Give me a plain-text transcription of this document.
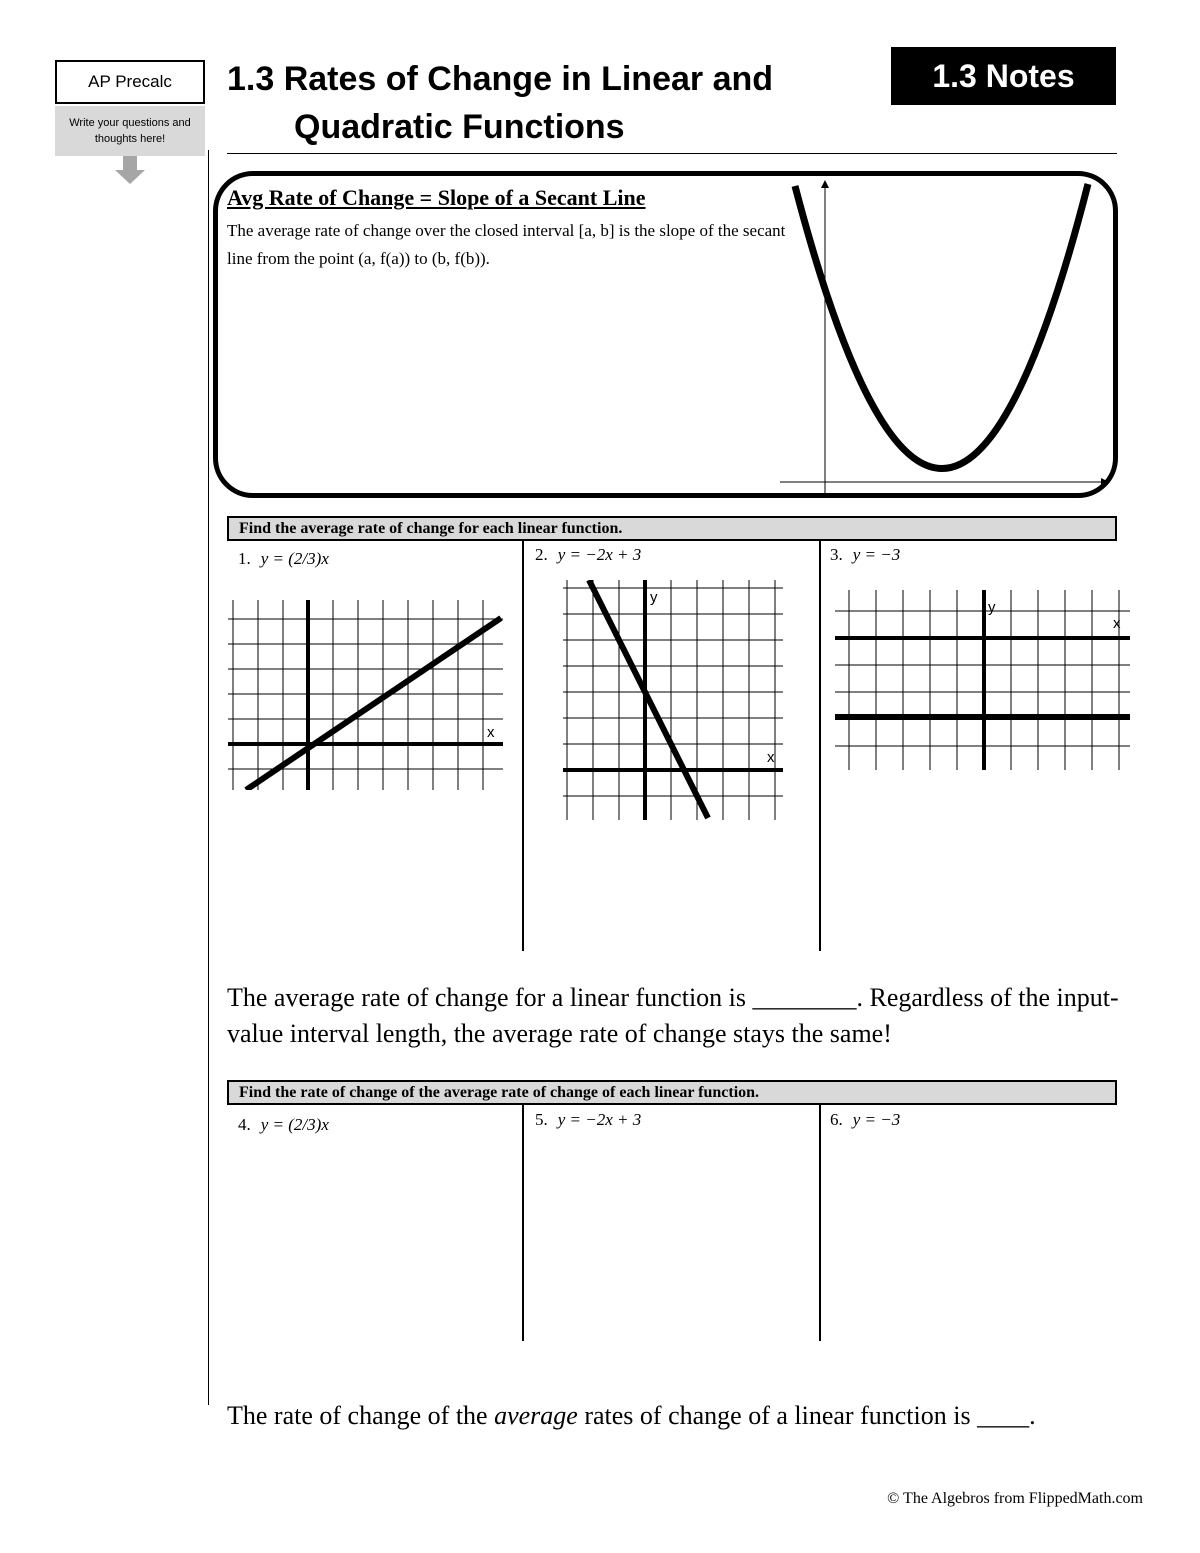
AP Precalc
Write your questions and thoughts here!
1.3 Rates of Change in Linear and
Quadratic Functions
1.3 Notes
Avg Rate of Change = Slope of a Secant Line
The average rate of change over the closed interval [a, b] is the slope of the secant line from the point (a, f(a)) to (b, f(b)).
Find the average rate of change for each linear function.
1. y = (2/3)x	2. y = −2x + 3	3. y = −3
x
x
y
x
y
The average rate of change for a linear function is ________. Regardless of the input-value interval length, the average rate of change stays the same!
Find the rate of change of the average rate of change of each linear function.
4. y = (2/3)x	5. y = −2x + 3	6. y = −3
The rate of change of the average rates of change of a linear function is ____.
© The Algebros from FlippedMath.com
